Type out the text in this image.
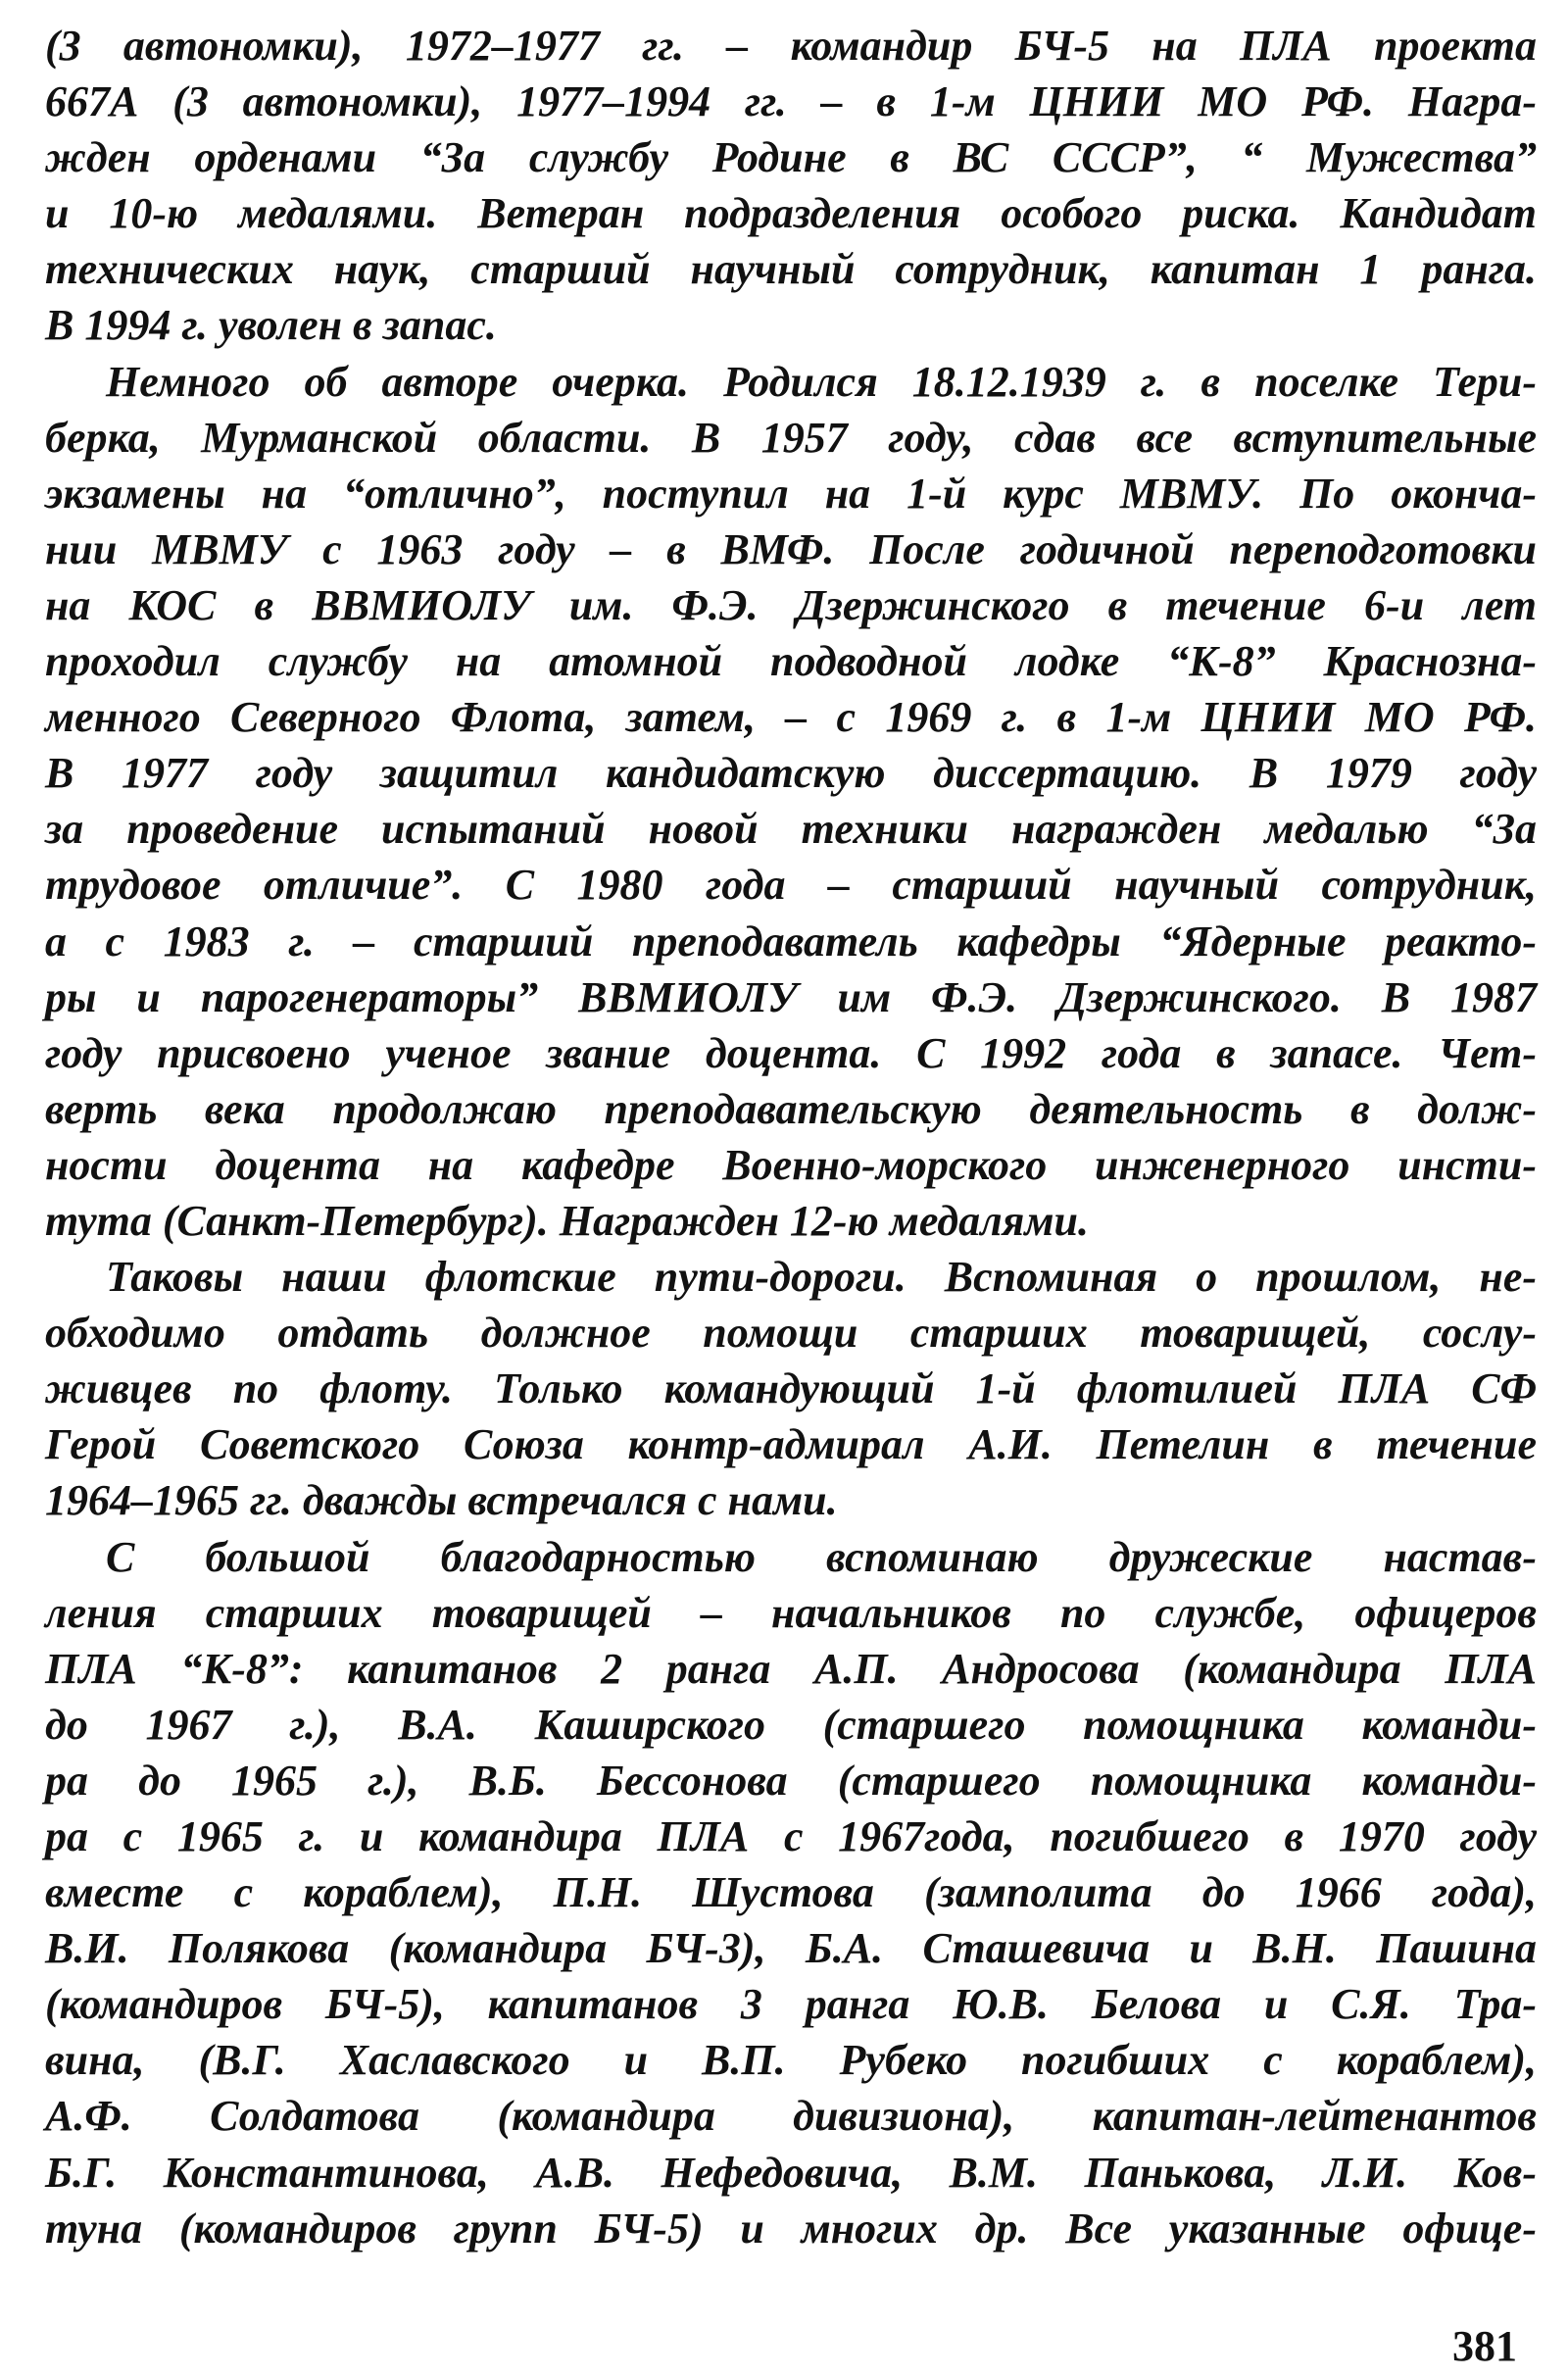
(3 автономки), 1972–1977 гг. – командир БЧ-5 на ПЛА проекта
667А (3 автономки), 1977–1994 гг. – в 1-м ЦНИИ МО РФ. Награ-
жден орденами “За службу Родине в ВС СССР”, “ Мужества”
и 10-ю медалями. Ветеран подразделения особого риска. Кандидат
технических наук, старший научный сотрудник, капитан 1 ранга.
В 1994 г. уволен в запас.
Немного об авторе очерка. Родился 18.12.1939 г. в поселке Тери-
берка, Мурманской области. В 1957 году, сдав все вступительные
экзамены на “отлично”, поступил на 1-й курс МВМУ. По оконча-
нии МВМУ с 1963 году – в ВМФ. После годичной переподготовки
на КОС в ВВМИОЛУ им. Ф.Э. Дзержинского в течение 6-и лет
проходил службу на атомной подводной лодке “К-8” Краснозна-
менного Северного Флота, затем, – с 1969 г. в 1-м ЦНИИ МО РФ.
В 1977 году защитил кандидатскую диссертацию. В 1979 году
за проведение испытаний новой техники награжден медалью “За
трудовое отличие”. С 1980 года – старший научный сотрудник,
а с 1983 г. – старший преподаватель кафедры “Ядерные реакто-
ры и парогенераторы” ВВМИОЛУ им Ф.Э. Дзержинского. В 1987
году присвоено ученое звание доцента. С 1992 года в запасе. Чет-
верть века продолжаю преподавательскую деятельность в долж-
ности доцента на кафедре Военно-морского инженерного инсти-
тута (Санкт-Петербург). Награжден 12-ю медалями.
Таковы наши флотские пути-дороги. Вспоминая о прошлом, не-
обходимо отдать должное помощи старших товарищей, сослу-
живцев по флоту. Только командующий 1-й флотилией ПЛА СФ
Герой Советского Союза контр-адмирал А.И. Петелин в течение
1964–1965 гг. дважды встречался с нами.
С большой благодарностью вспоминаю дружеские настав-
ления старших товарищей – начальников по службе, офицеров
ПЛА “К-8”: капитанов 2 ранга А.П. Андросова (командира ПЛА
до 1967 г.), В.А. Каширского (старшего помощника команди-
ра до 1965 г.), В.Б. Бессонова (старшего помощника команди-
ра с 1965 г. и командира ПЛА с 1967года, погибшего в 1970 году
вместе с кораблем), П.Н. Шустова (замполита до 1966 года),
В.И. Полякова (командира БЧ-3), Б.А. Сташевича и В.Н. Пашина
(командиров БЧ-5), капитанов 3 ранга Ю.В. Белова и С.Я. Тра-
вина, (В.Г. Хаславского и В.П. Рубеко погибших с кораблем),
А.Ф. Солдатова (командира дивизиона), капитан-лейтенантов
Б.Г. Константинова, А.В. Нефедовича, В.М. Панькова, Л.И. Ков-
туна (командиров групп БЧ-5) и многих др. Все указанные офице-
381
